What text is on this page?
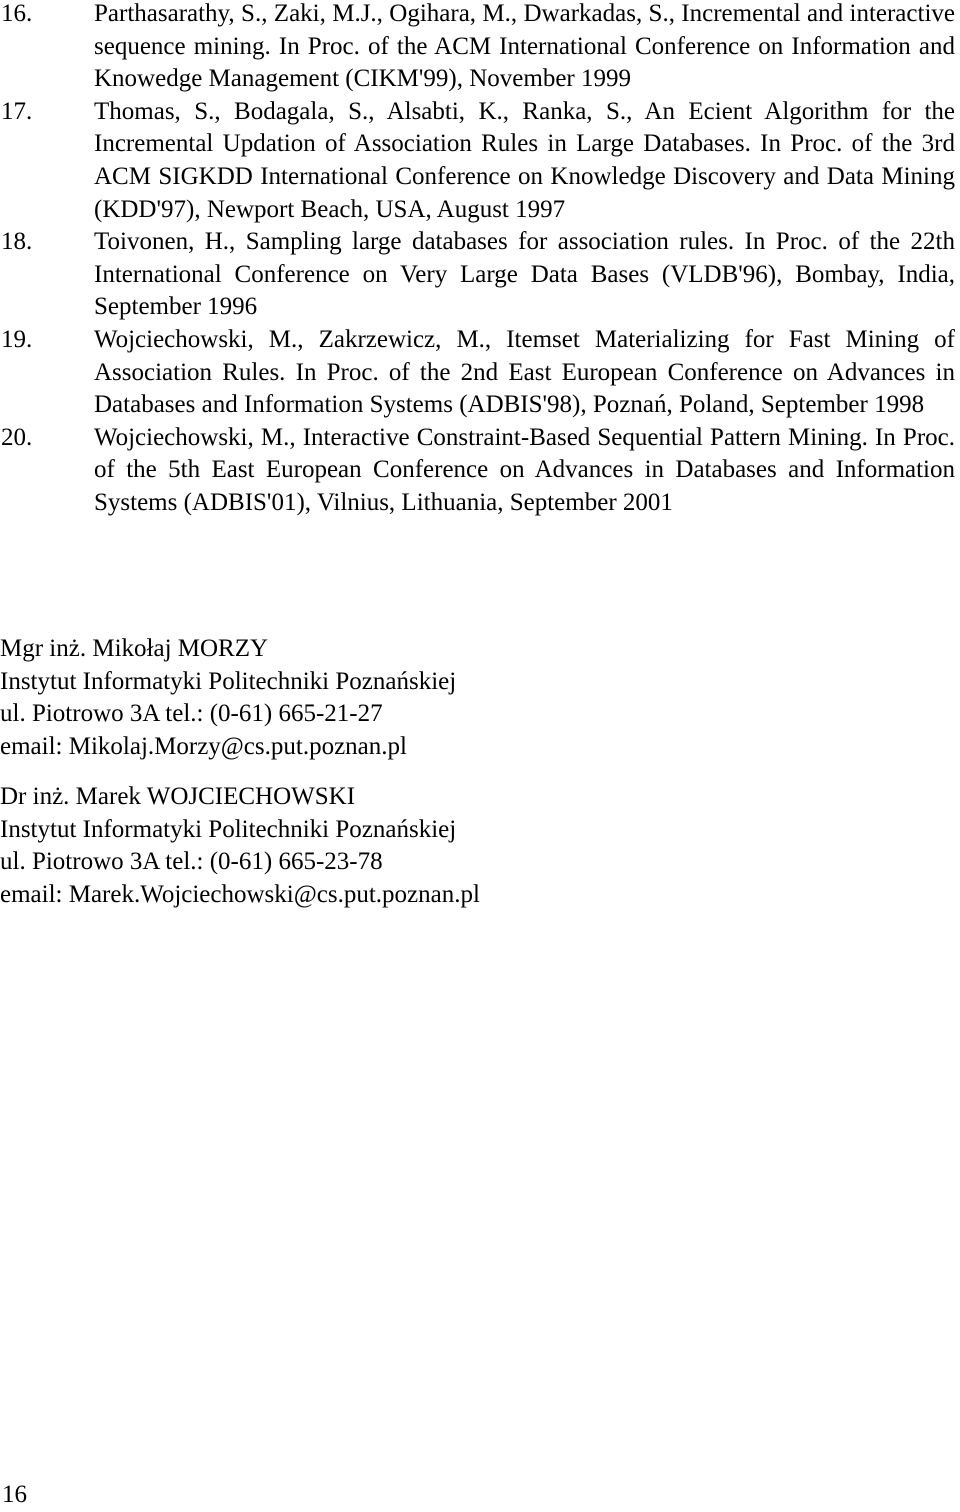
16. Parthasarathy, S., Zaki, M.J., Ogihara, M., Dwarkadas, S., Incremental and interactive sequence mining. In Proc. of the ACM International Conference on Information and Knowedge Management (CIKM'99), November 1999
17. Thomas, S., Bodagala, S., Alsabti, K., Ranka, S., An Ecient Algorithm for the Incremental Updation of Association Rules in Large Databases. In Proc. of the 3rd ACM SIGKDD International Conference on Knowledge Discovery and Data Mining (KDD'97), Newport Beach, USA, August 1997
18. Toivonen, H., Sampling large databases for association rules. In Proc. of the 22th International Conference on Very Large Data Bases (VLDB'96), Bombay, India, September 1996
19. Wojciechowski, M., Zakrzewicz, M., Itemset Materializing for Fast Mining of Association Rules. In Proc. of the 2nd East European Conference on Advances in Databases and Information Systems (ADBIS'98), Poznań, Poland, September 1998
20. Wojciechowski, M., Interactive Constraint-Based Sequential Pattern Mining. In Proc. of the 5th East European Conference on Advances in Databases and Information Systems (ADBIS'01), Vilnius, Lithuania, September 2001
Mgr inż. Mikołaj MORZY
Instytut Informatyki Politechniki Poznańskiej
ul. Piotrowo 3A tel.: (0-61) 665-21-27
email: Mikolaj.Morzy@cs.put.poznan.pl
Dr inż. Marek WOJCIECHOWSKI
Instytut Informatyki Politechniki Poznańskiej
ul. Piotrowo 3A tel.: (0-61) 665-23-78
email: Marek.Wojciechowski@cs.put.poznan.pl
16
